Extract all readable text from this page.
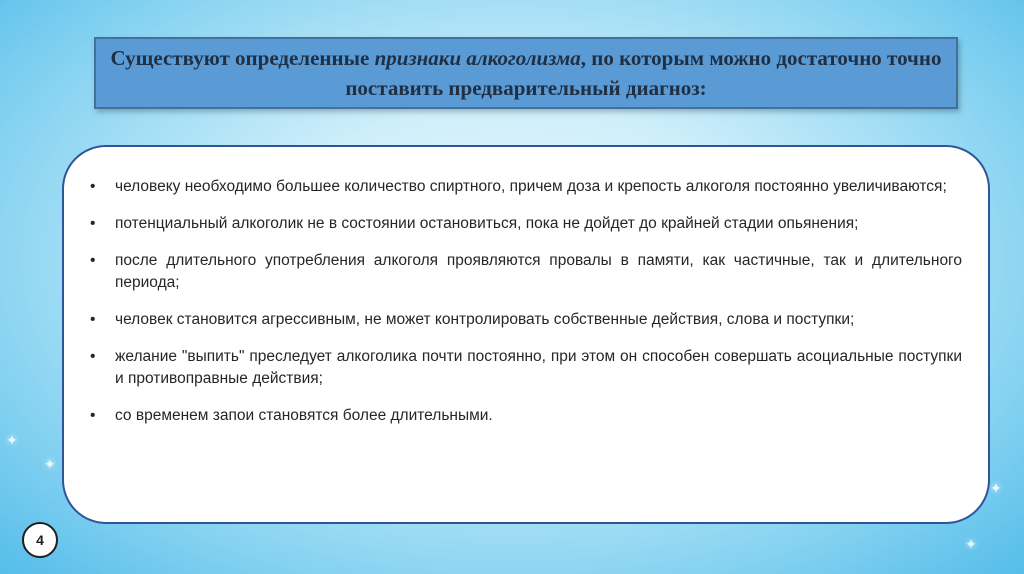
✦
✦
✦
✦
Существуют определенные признаки алкоголизма, по которым можно достаточно точно поставить предварительный диагноз:
• человеку необходимо большее количество спиртного, причем доза и крепость алкоголя постоянно увеличиваются;
• потенциальный алкоголик не в состоянии остановиться, пока не дойдет до крайней стадии опьянения;
• после длительного употребления алкоголя проявляются провалы в памяти, как частичные, так и длительного периода;
• человек становится агрессивным, не может контролировать собственные действия, слова и поступки;
• желание "выпить" преследует алкоголика почти постоянно, при этом он способен совершать асоциальные поступки и противоправные действия;
• со временем запои становятся более длительными.
4
